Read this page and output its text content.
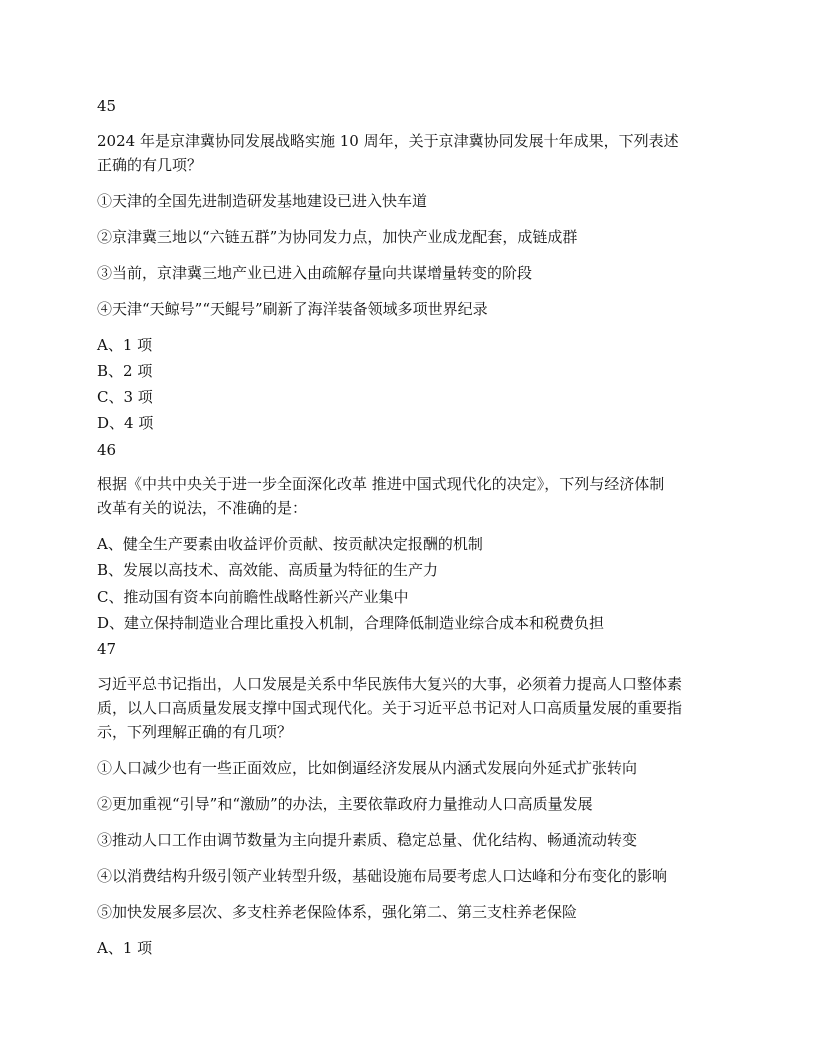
45
2024 年是京津冀协同发展战略实施 10 周年，关于京津冀协同发展十年成果，下列表述
正确的有几项？
①天津的全国先进制造研发基地建设已进入快车道
②京津冀三地以“六链五群”为协同发力点，加快产业成龙配套，成链成群
③当前，京津冀三地产业已进入由疏解存量向共谋增量转变的阶段
④天津“天鲸号”“天鲲号”刷新了海洋装备领域多项世界纪录
A、1 项
B、2 项
C、3 项
D、4 项
46
根据《中共中央关于进一步全面深化改革 推进中国式现代化的决定》，下列与经济体制
改革有关的说法，不准确的是：
A、健全生产要素由收益评价贡献、按贡献决定报酬的机制
B、发展以高技术、高效能、高质量为特征的生产力
C、推动国有资本向前瞻性战略性新兴产业集中
D、建立保持制造业合理比重投入机制，合理降低制造业综合成本和税费负担
47
习近平总书记指出，人口发展是关系中华民族伟大复兴的大事，必须着力提高人口整体素
质，以人口高质量发展支撑中国式现代化。关于习近平总书记对人口高质量发展的重要指
示，下列理解正确的有几项？
①人口减少也有一些正面效应，比如倒逼经济发展从内涵式发展向外延式扩张转向
②更加重视“引导”和“激励”的办法，主要依靠政府力量推动人口高质量发展
③推动人口工作由调节数量为主向提升素质、稳定总量、优化结构、畅通流动转变
④以消费结构升级引领产业转型升级，基础设施布局要考虑人口达峰和分布变化的影响
⑤加快发展多层次、多支柱养老保险体系，强化第二、第三支柱养老保险
A、1 项
